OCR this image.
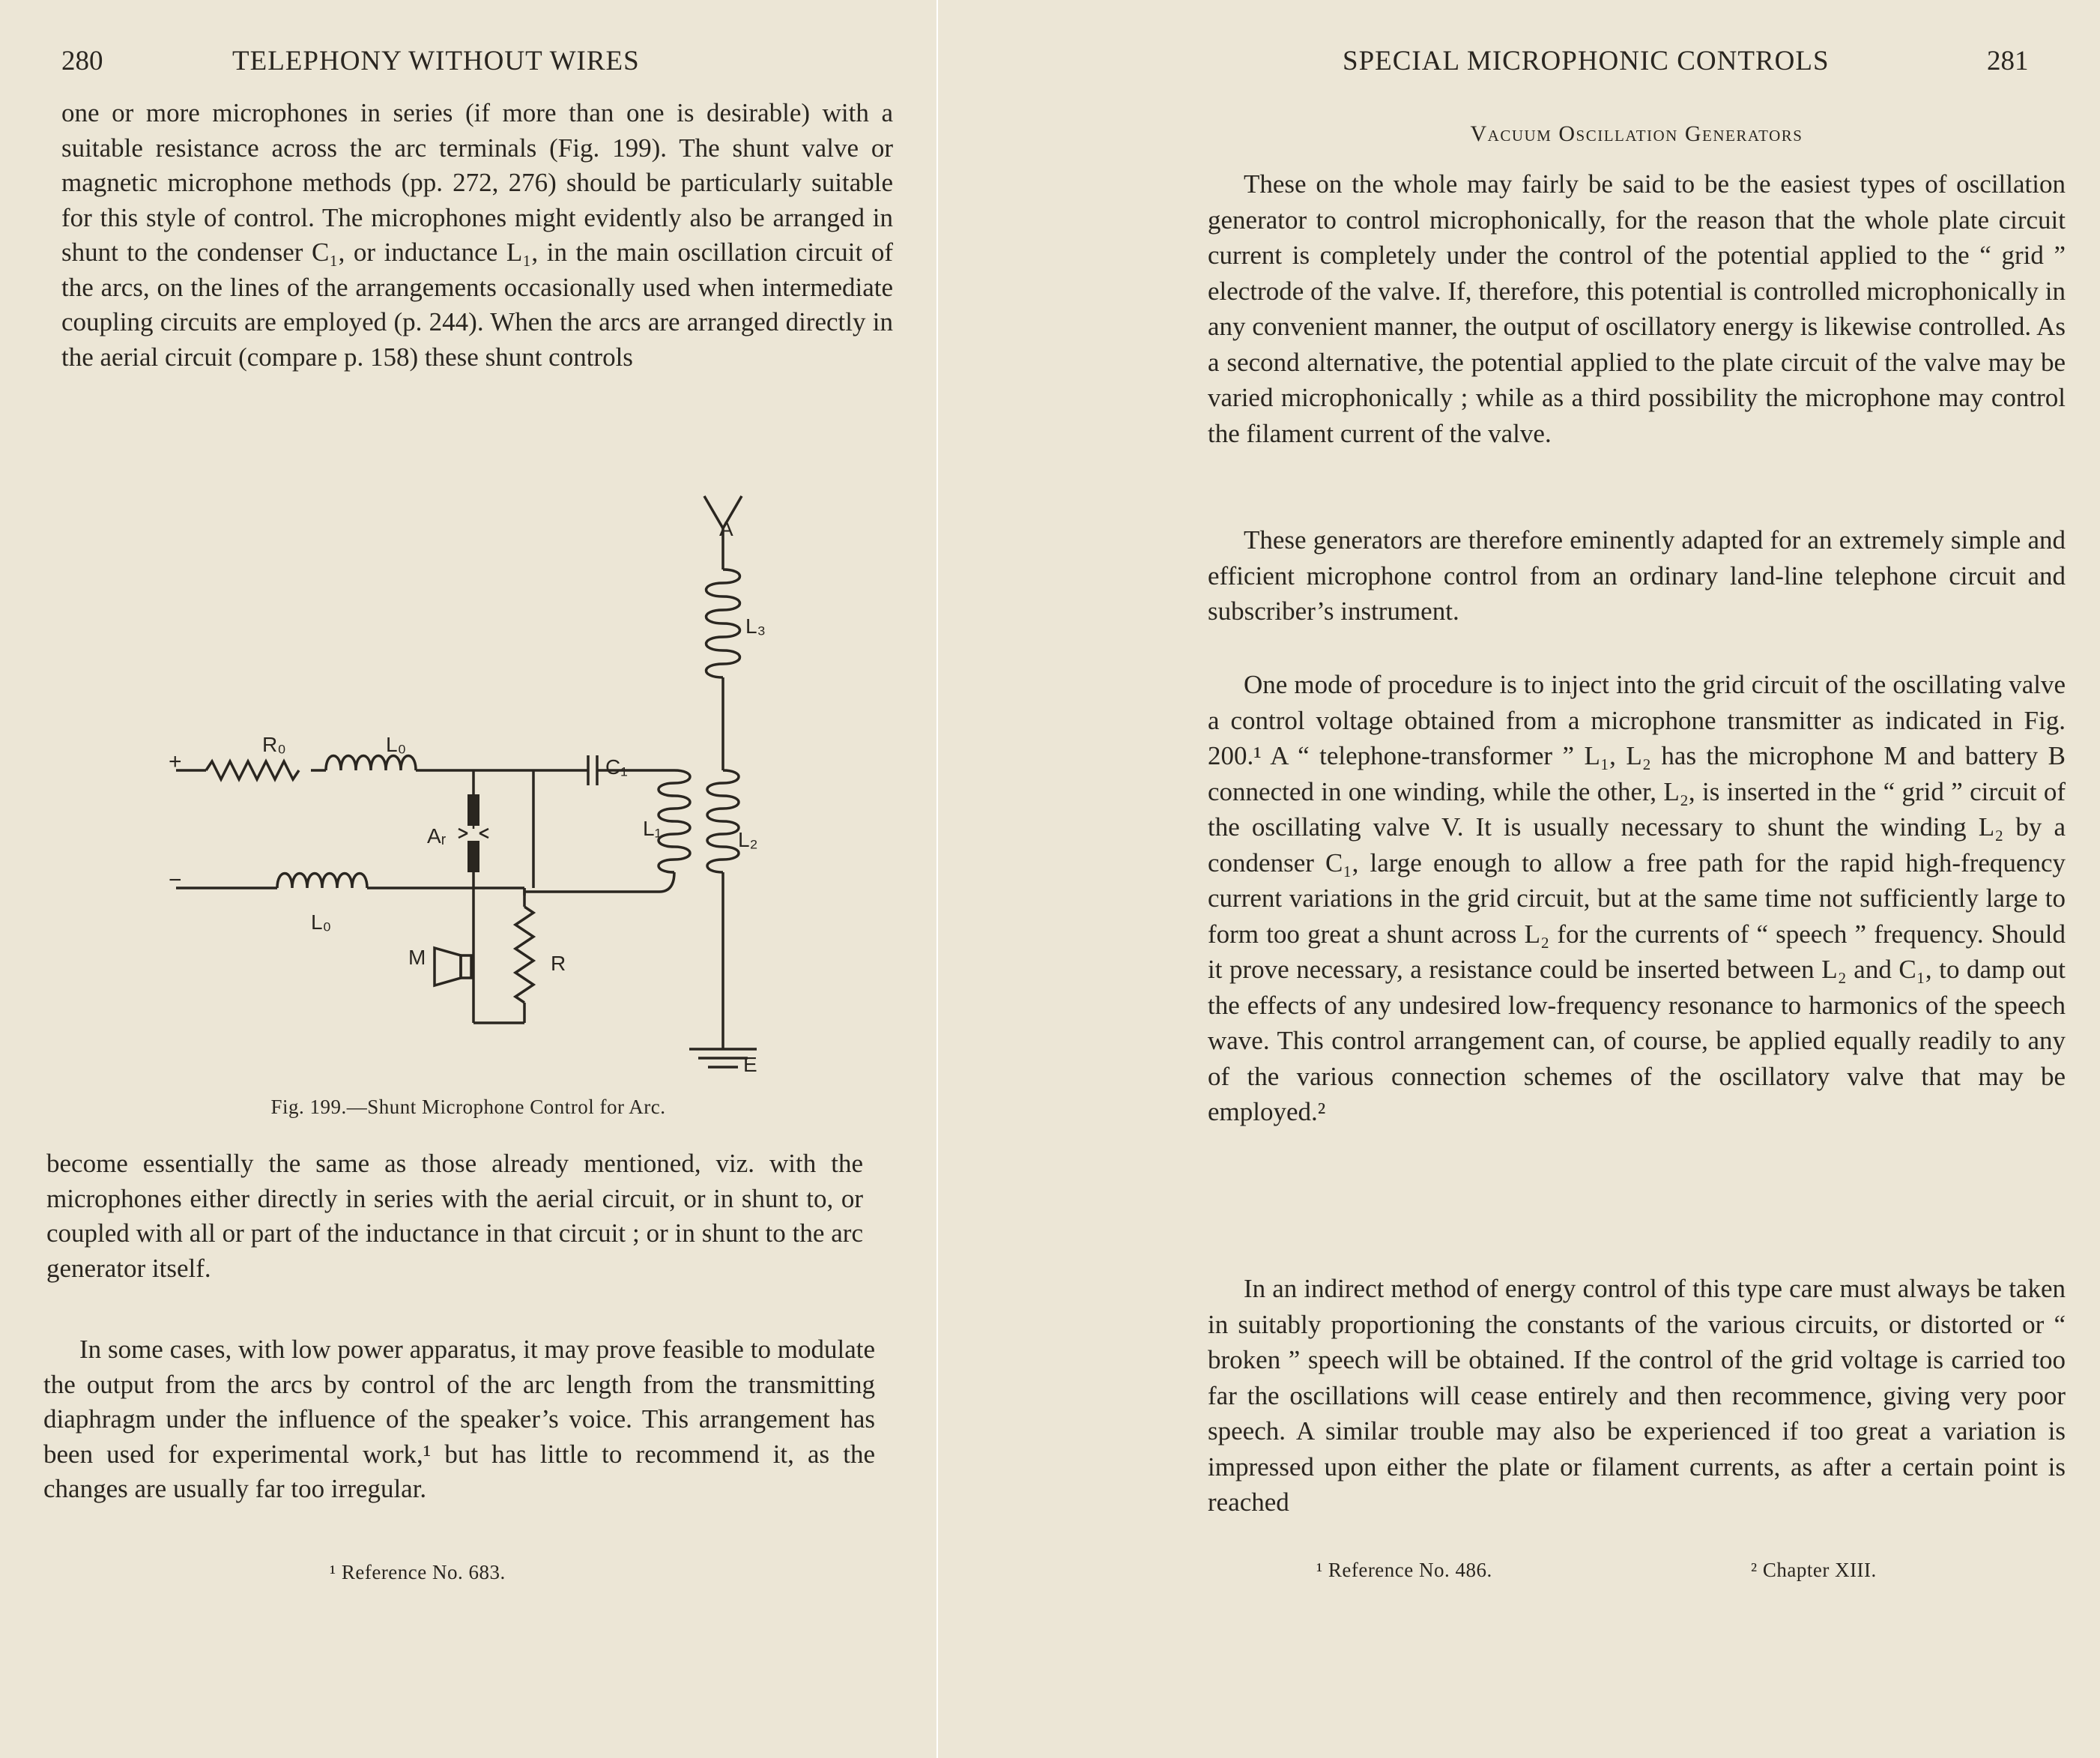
280	TELEPHONY WITHOUT WIRES

one or more microphones in series (if more than one is desirable) with a suitable resistance across the arc terminals (Fig. 199). The shunt valve or magnetic microphone methods (pp. 272, 276) should be particularly suitable for this style of control. The microphones might evidently also be arranged in shunt to the condenser C₁, or inductance L₁, in the main oscillation circuit of the arcs, on the lines of the arrangements occasionally used when intermediate coupling circuits are employed (p. 244). When the arcs are arranged directly in the aerial circuit (compare p. 158) these shunt controls

A
L₃
+
R₀	L₀
C₁
L₁	L₂
Aᵣ
−
L₀
M	R
E
Fig. 199.—Shunt Microphone Control for Arc.

become essentially the same as those already mentioned, viz. with the microphones either directly in series with the aerial circuit, or in shunt to, or coupled with all or part of the inductance in that circuit ; or in shunt to the arc generator itself.

In some cases, with low power apparatus, it may prove feasible to modulate the output from the arcs by control of the arc length from the transmitting diaphragm under the influence of the speaker’s voice. This arrangement has been used for experimental work,¹ but has little to recommend it, as the changes are usually far too irregular.

¹ Reference No. 683.
SPECIAL MICROPHONIC CONTROLS	281
Vacuum Oscillation Generators

These on the whole may fairly be said to be the easiest types of oscillation generator to control microphonically, for the reason that the whole plate circuit current is completely under the control of the potential applied to the “ grid ” electrode of the valve. If, therefore, this potential is controlled microphonically in any convenient manner, the output of oscillatory energy is likewise controlled. As a second alternative, the potential applied to the plate circuit of the valve may be varied microphonically ; while as a third possibility the microphone may control the filament current of the valve.

These generators are therefore eminently adapted for an extremely simple and efficient microphone control from an ordinary land-line telephone circuit and subscriber’s instrument.

One mode of procedure is to inject into the grid circuit of the oscillating valve a control voltage obtained from a microphone transmitter as indicated in Fig. 200.¹ A “ telephone-transformer ” L₁, L₂ has the microphone M and battery B connected in one winding, while the other, L₂, is inserted in the “ grid ” circuit of the oscillating valve V. It is usually necessary to shunt the winding L₂ by a condenser C₁, large enough to allow a free path for the rapid high-frequency current variations in the grid circuit, but at the same time not sufficiently large to form too great a shunt across L₂ for the currents of “ speech ” frequency. Should it prove necessary, a resistance could be inserted between L₂ and C₁, to damp out the effects of any undesired low-frequency resonance to harmonics of the speech wave. This control arrangement can, of course, be applied equally readily to any of the various connection schemes of the oscillatory valve that may be employed.²

In an indirect method of energy control of this type care must always be taken in suitably proportioning the constants of the various circuits, or distorted or “ broken ” speech will be obtained. If the control of the grid voltage is carried too far the oscillations will cease entirely and then recommence, giving very poor speech. A similar trouble may also be experienced if too great a variation is impressed upon either the plate or filament currents, as after a certain point is reached

¹ Reference No. 486.	² Chapter XIII.
